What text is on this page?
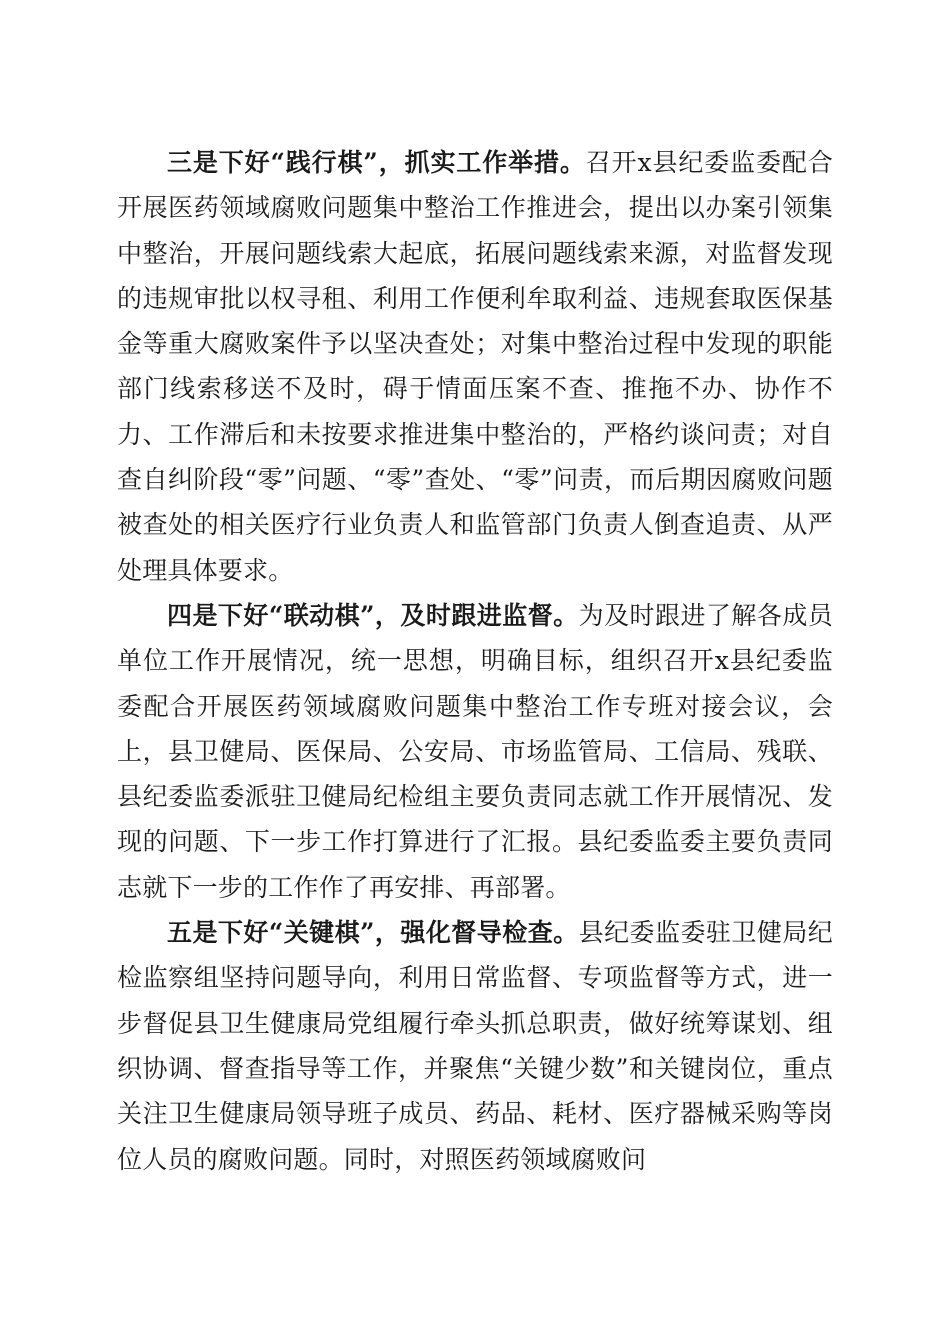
三是下好“践行棋”，抓实工作举措。召开x县纪委监委配合开展医药领域腐败问题集中整治工作推进会，提出以办案引领集中整治，开展问题线索大起底，拓展问题线索来源，对监督发现的违规审批以权寻租、利用工作便利牟取利益、违规套取医保基金等重大腐败案件予以坚决查处；对集中整治过程中发现的职能部门线索移送不及时，碍于情面压案不查、推拖不办、协作不力、工作滞后和未按要求推进集中整治的，严格约谈问责；对自查自纠阶段“零”问题、“零”查处、“零”问责，而后期因腐败问题被查处的相关医疗行业负责人和监管部门负责人倒查追责、从严处理具体要求。

四是下好“联动棋”，及时跟进监督。为及时跟进了解各成员单位工作开展情况，统一思想，明确目标，组织召开x县纪委监委配合开展医药领域腐败问题集中整治工作专班对接会议，会上，县卫健局、医保局、公安局、市场监管局、工信局、残联、县纪委监委派驻卫健局纪检组主要负责同志就工作开展情况、发现的问题、下一步工作打算进行了汇报。县纪委监委主要负责同志就下一步的工作作了再安排、再部署。

五是下好“关键棋”，强化督导检查。县纪委监委驻卫健局纪检监察组坚持问题导向，利用日常监督、专项监督等方式，进一步督促县卫生健康局党组履行牵头抓总职责，做好统筹谋划、组织协调、督查指导等工作，并聚焦“关键少数”和关键岗位，重点关注卫生健康局领导班子成员、药品、耗材、医疗器械采购等岗位人员的腐败问题。同时，对照医药领域腐败问
